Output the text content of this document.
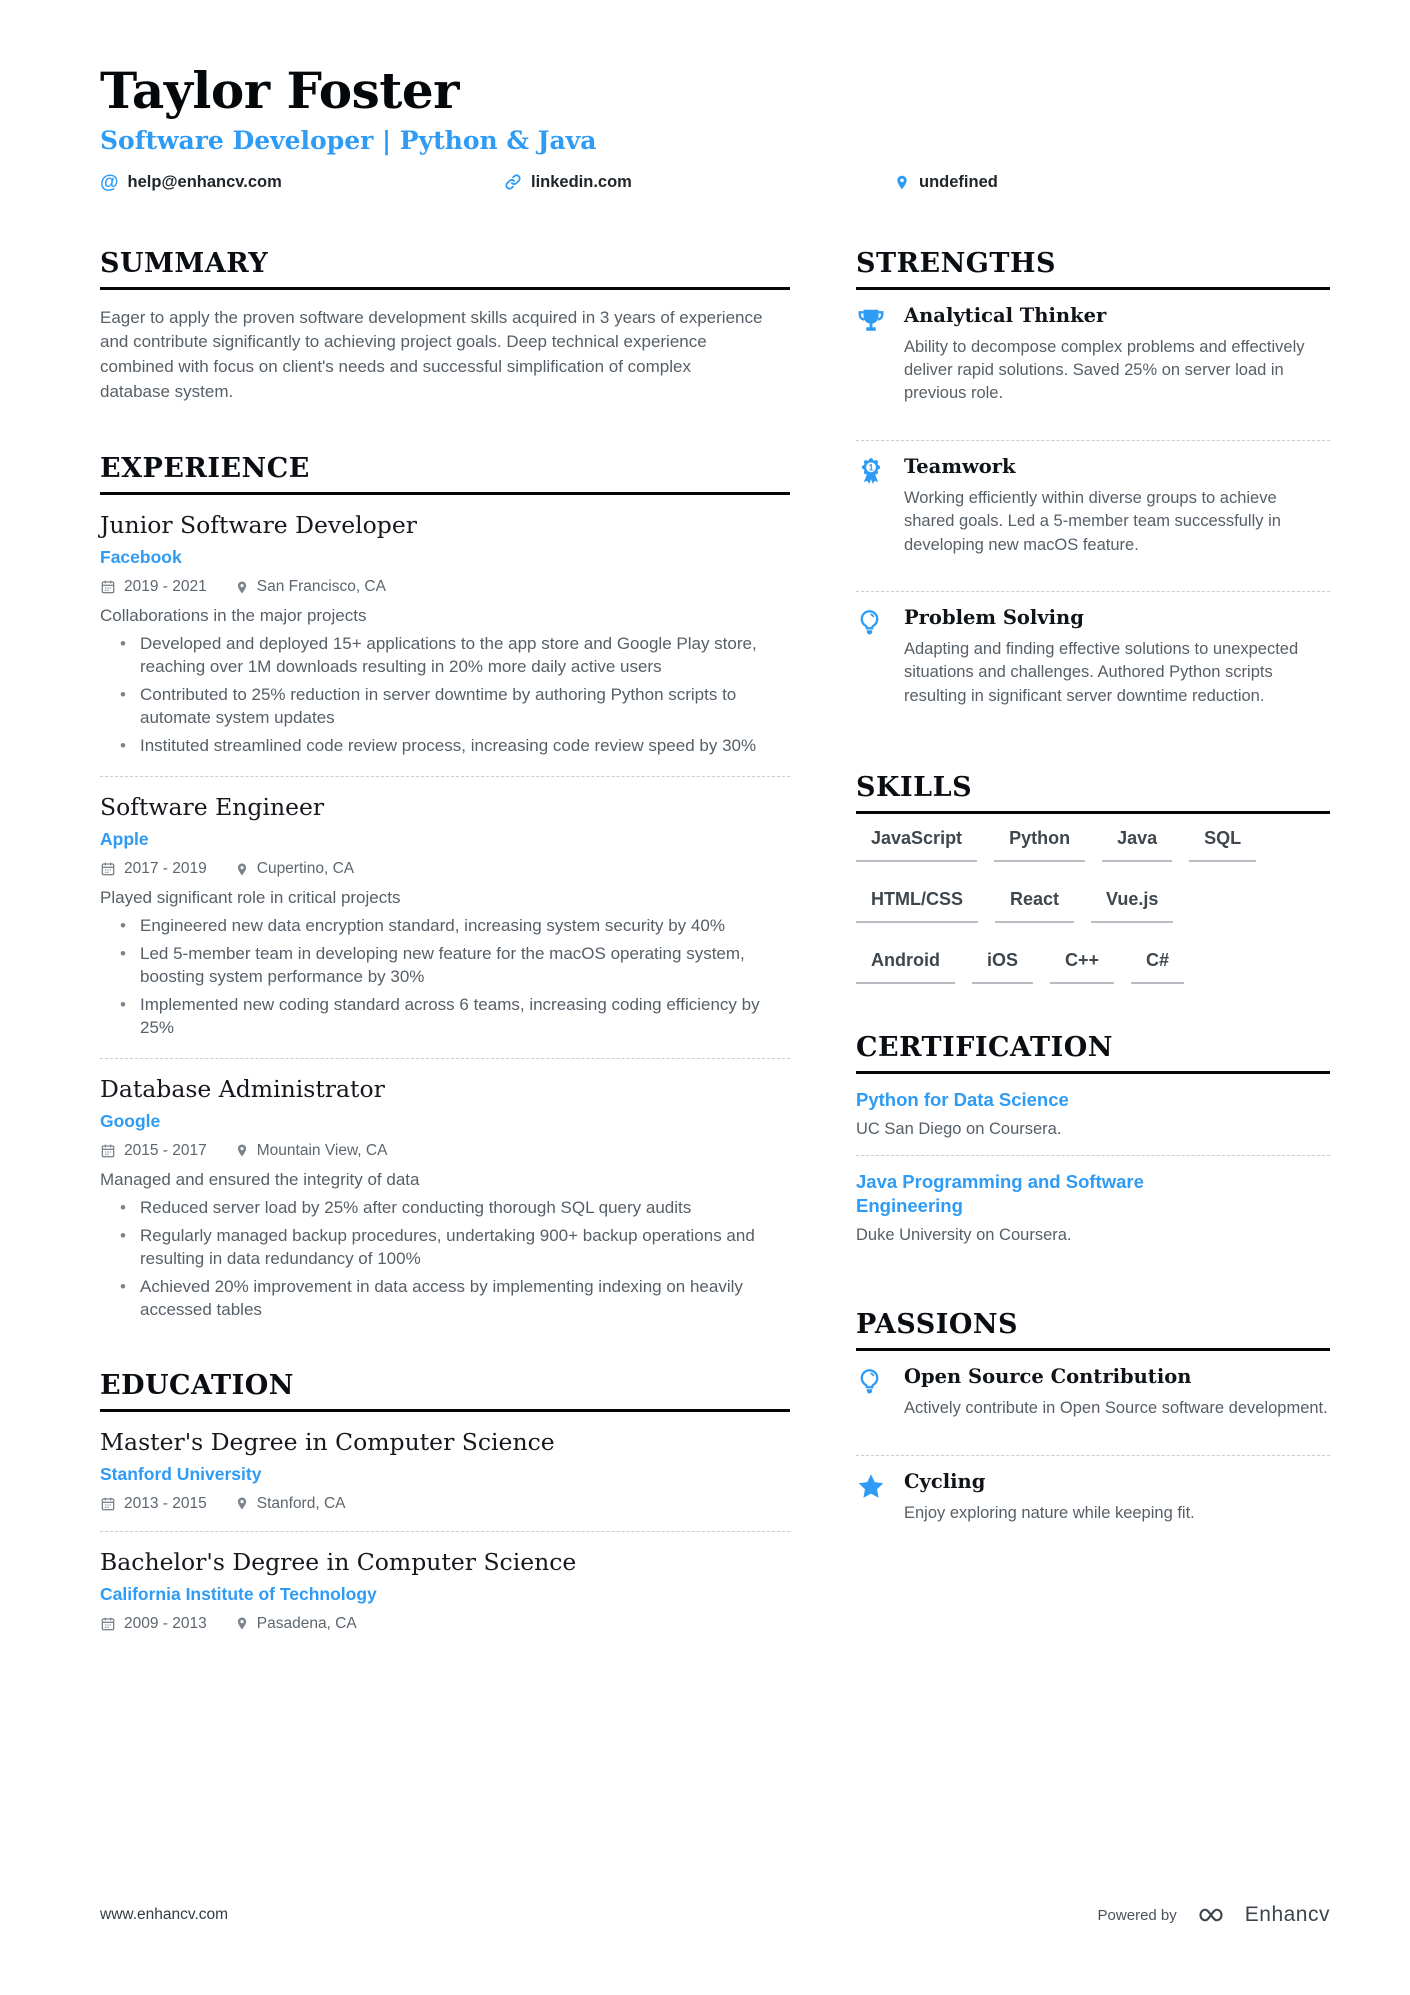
Taylor Foster
Software Developer | Python & Java
@
help@enhancv.com	linkedin.com	undefined
SUMMARY

Eager to apply the proven software development skills acquired in 3 years of experience and contribute significantly to achieving project goals. Deep technical experience combined with focus on client's needs and successful simplification of complex database system.

EXPERIENCE
Junior Software Developer
Facebook
2019 - 2021	San Francisco, CA
Collaborations in the major projects
• Developed and deployed 15+ applications to the app store and Google Play store, reaching over 1M downloads resulting in 20% more daily active users
• Contributed to 25% reduction in server downtime by authoring Python scripts to automate system updates
• Instituted streamlined code review process, increasing code review speed by 30%
Software Engineer
Apple
2017 - 2019	Cupertino, CA
Played significant role in critical projects
• Engineered new data encryption standard, increasing system security by 40%
• Led 5-member team in developing new feature for the macOS operating system, boosting system performance by 30%
• Implemented new coding standard across 6 teams, increasing coding efficiency by 25%
Database Administrator
Google
2015 - 2017	Mountain View, CA
Managed and ensured the integrity of data
• Reduced server load by 25% after conducting thorough SQL query audits
• Regularly managed backup procedures, undertaking 900+ backup operations and resulting in data redundancy of 100%
• Achieved 20% improvement in data access by implementing indexing on heavily accessed tables
EDUCATION
Master's Degree in Computer Science
Stanford University
2013 - 2015	Stanford, CA
Bachelor's Degree in Computer Science
California Institute of Technology
2009 - 2013	Pasadena, CA
STRENGTHS
Analytical Thinker
Ability to decompose complex problems and effectively deliver rapid solutions. Saved 25% on server load in previous role.
1 Teamwork
Working efficiently within diverse groups to achieve shared goals. Led a 5-member team successfully in developing new macOS feature.
Problem Solving
Adapting and finding effective solutions to unexpected situations and challenges. Authored Python scripts resulting in significant server downtime reduction.
SKILLS
JavaScript	Python	Java	SQL
HTML/CSS	React	Vue.js
Android	iOS	C++	C#
CERTIFICATION
Python for Data Science
UC San Diego on Coursera.
Java Programming and Software Engineering
Duke University on Coursera.
PASSIONS
Open Source Contribution
Actively contribute in Open Source software development.
Cycling
Enjoy exploring nature while keeping fit.
www.enhancv.com	Powered by	Enhancv
